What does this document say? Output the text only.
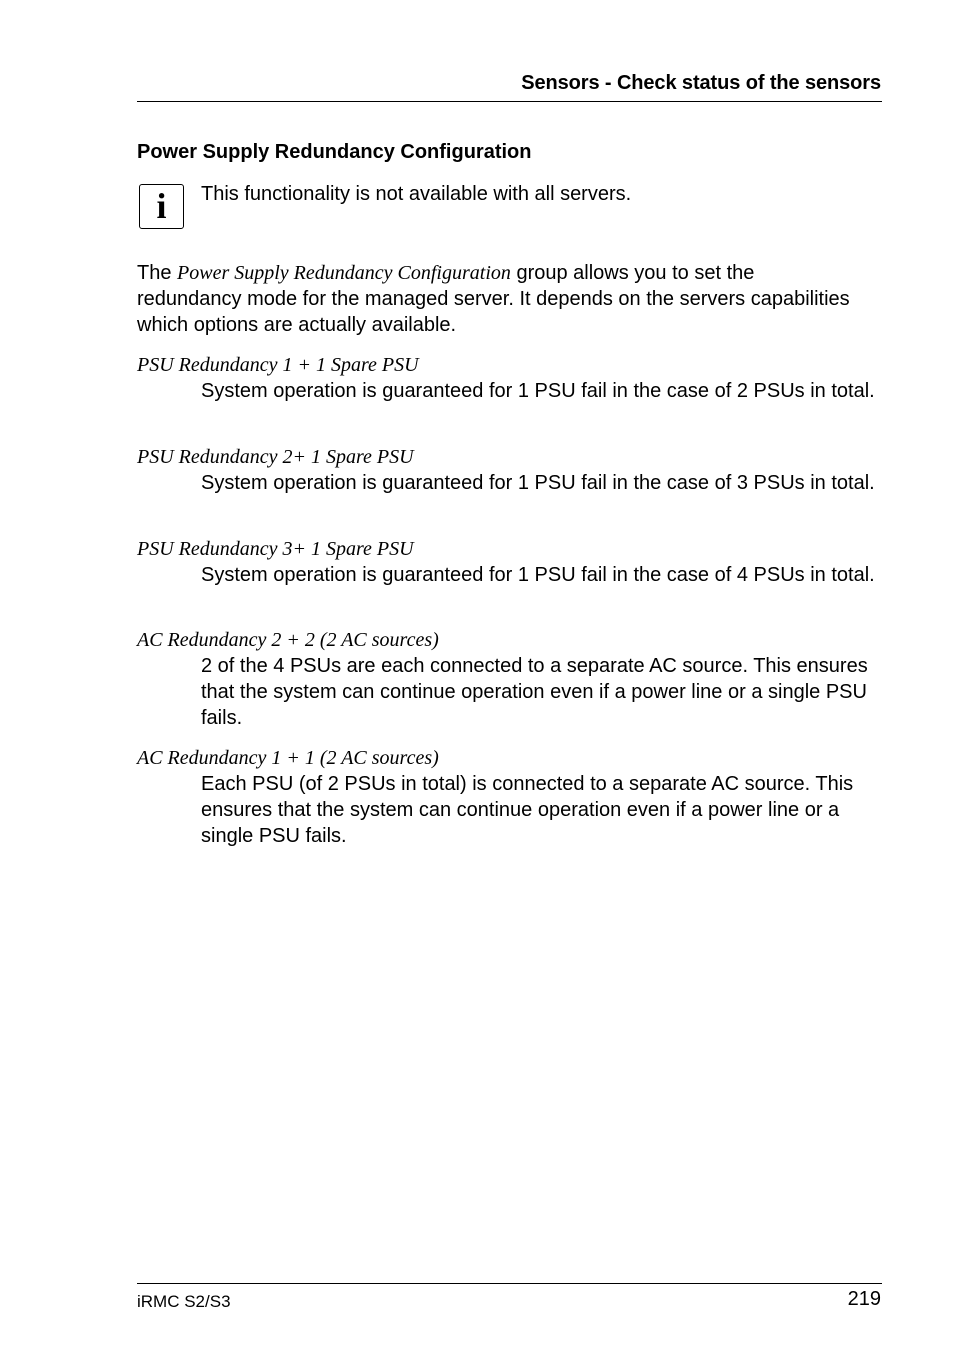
Sensors - Check status of the sensors
Power Supply Redundancy Configuration
i	This functionality is not available with all servers.

The Power Supply Redundancy Configuration group allows you to set the redundancy mode for the managed server. It depends on the servers capabilities which options are actually available.

PSU Redundancy 1 + 1 Spare PSU
System operation is guaranteed for 1 PSU fail in the case of 2 PSUs in total.
PSU Redundancy 2+ 1 Spare PSU
System operation is guaranteed for 1 PSU fail in the case of 3 PSUs in total.
PSU Redundancy 3+ 1 Spare PSU
System operation is guaranteed for 1 PSU fail in the case of 4 PSUs in total.
AC Redundancy 2 + 2 (2 AC sources)
2 of the 4 PSUs are each connected to a separate AC source. This ensures that the system can continue operation even if a power line or a single PSU fails.
AC Redundancy 1 + 1 (2 AC sources)
Each PSU (of 2 PSUs in total) is connected to a separate AC source. This ensures that the system can continue operation even if a power line or a single PSU fails.
iRMC S2/S3	219
